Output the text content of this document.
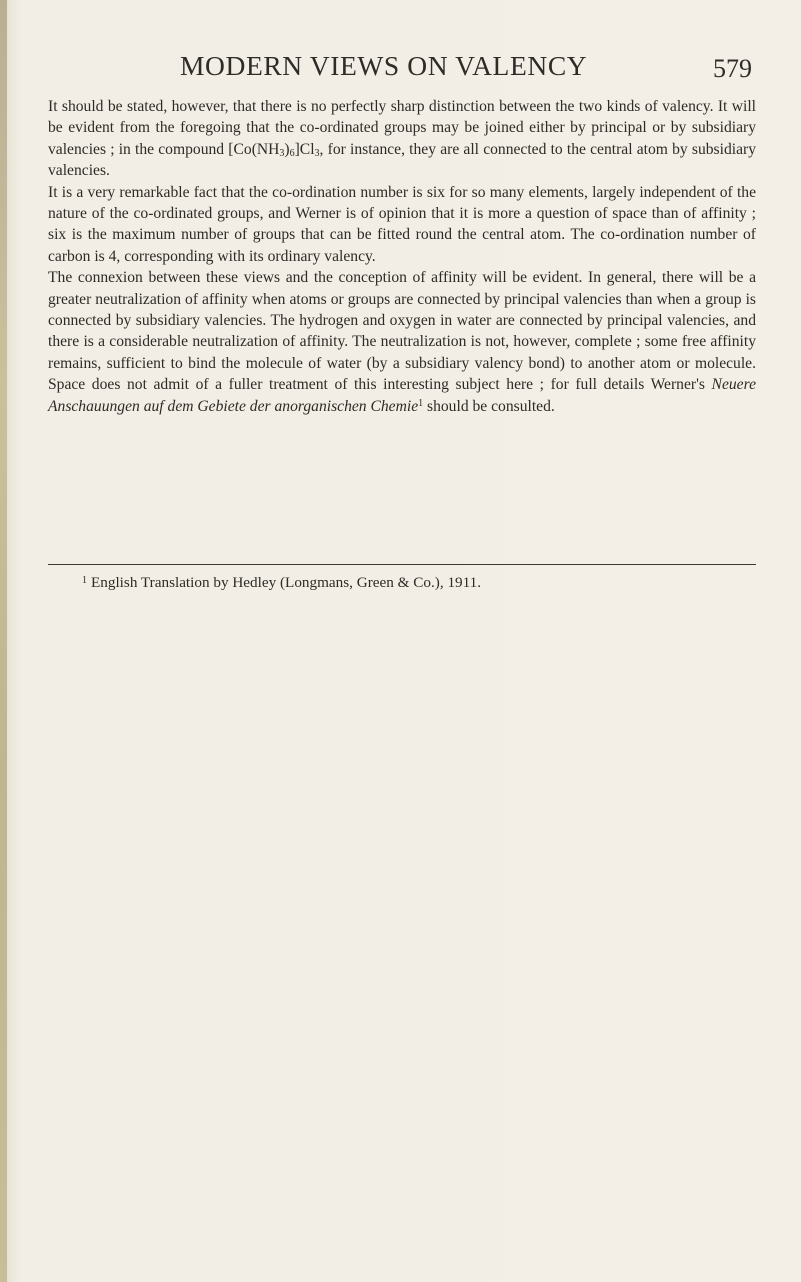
MODERN VIEWS ON VALENCY	579

It should be stated, however, that there is no perfectly sharp distinction between the two kinds of valency. It will be evident from the foregoing that the co-ordinated groups may be joined either by principal or by subsidiary valencies ; in the compound $[Co(NH_3)_6]Cl_3$, for instance, they are all connected to the central atom by subsidiary valencies.

It is a very remarkable fact that the co-ordination number is six for so many elements, largely independent of the nature of the co-ordinated groups, and Werner is of opinion that it is more a question of space than of affinity ; six is the maximum number of groups that can be fitted round the central atom. The co-ordination number of carbon is 4, corresponding with its ordinary valency.

The connexion between these views and the conception of affinity will be evident. In general, there will be a greater neutralization of affinity when atoms or groups are connected by principal valencies than when a group is connected by subsidiary valencies. The hydrogen and oxygen in water are connected by principal valencies, and there is a considerable neutralization of affinity. The neutralization is not, however, complete ; some free affinity remains, sufficient to bind the molecule of water (by a subsidiary valency bond) to another atom or molecule. Space does not admit of a fuller treatment of this interesting subject here ; for full details Werner's Neuere Anschauungen auf dem Gebiete der anorganischen Chemie$^1$ should be consulted.

$^1$ English Translation by Hedley (Longmans, Green & Co.), 1911.
